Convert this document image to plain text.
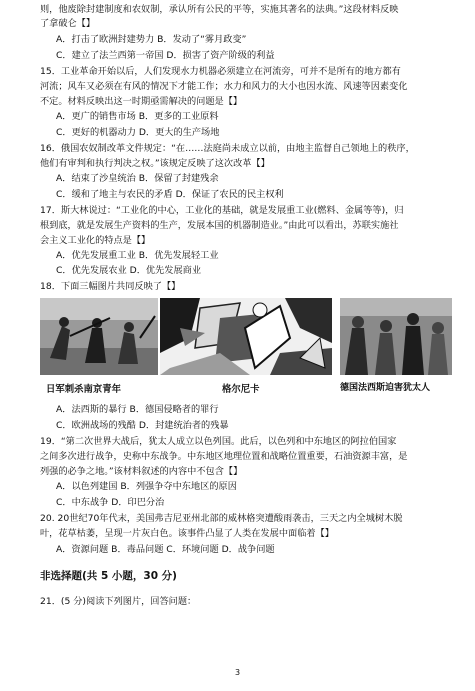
则，他废除封建制度和农奴制，承认所有公民的平等，实施其著名的法典。”这段材料反映
了拿破仑【】
A．打击了欧洲封建势力 B．发动了“雾月政变”
C．建立了法兰西第一帝国 D．损害了资产阶级的利益
15．工业革命开始以后，人们发现水力机器必须建立在河流旁，可并不是所有的地方都有
河流；风车又必须在有风的情况下才能工作；水力和风力的大小也因水流、风速等因素变化
不定。材料反映出这一时期亟需解决的问题是【】
A．更广的销售市场 B．更多的工业原料
C．更好的机器动力 D．更大的生产场地
16．俄国农奴制改革文件规定：“在……法庭尚未成立以前，由地主监督自己领地上的秩序，
他们有审判和执行判决之权。”该规定反映了这次改革【】
A．结束了沙皇统治 B．保留了封建残余
C．缓和了地主与农民的矛盾 D．保证了农民的民主权利
17．斯大林说过：“工业化的中心，工业化的基础，就是发展重工业(燃料、金属等等)，归
根到底，就是发展生产资料的生产，发展本国的机器制造业。”由此可以看出，苏联实施社
会主义工业化的特点是【】
A．优先发展重工业 B．优先发展轻工业
C．优先发展农业 D．优先发展商业
18．下面三幅图片共同反映了【】
日军刺杀南京青年	格尔尼卡	德国法西斯迫害犹太人
A．法西斯的暴行 B．德国侵略者的罪行
C．欧洲战场的残酷 D．封建统治者的残暴
19．“第二次世界大战后，犹太人成立以色列国。此后，以色列和中东地区的阿拉伯国家
之间多次进行战争，史称中东战争。中东地区地理位置和战略位置重要，石油资源丰富，是
列强的必争之地。”该材料叙述的内容中不包含【】
A．以色列建国 B．列强争夺中东地区的原因
C．中东战争 D．印巴分治
20. 20世纪70年代末，美国弗吉尼亚州北部的威林格突遭酸雨袭击，三天之内全城树木脱
叶，花草枯萎，呈现一片灰白色。该事件凸显了人类在发展中面临着【】
A．资源问题 B．毒品问题 C．环境问题 D．战争问题
非选择题(共 5 小题，30 分)
21．(5 分)阅读下列图片，回答问题：
3
